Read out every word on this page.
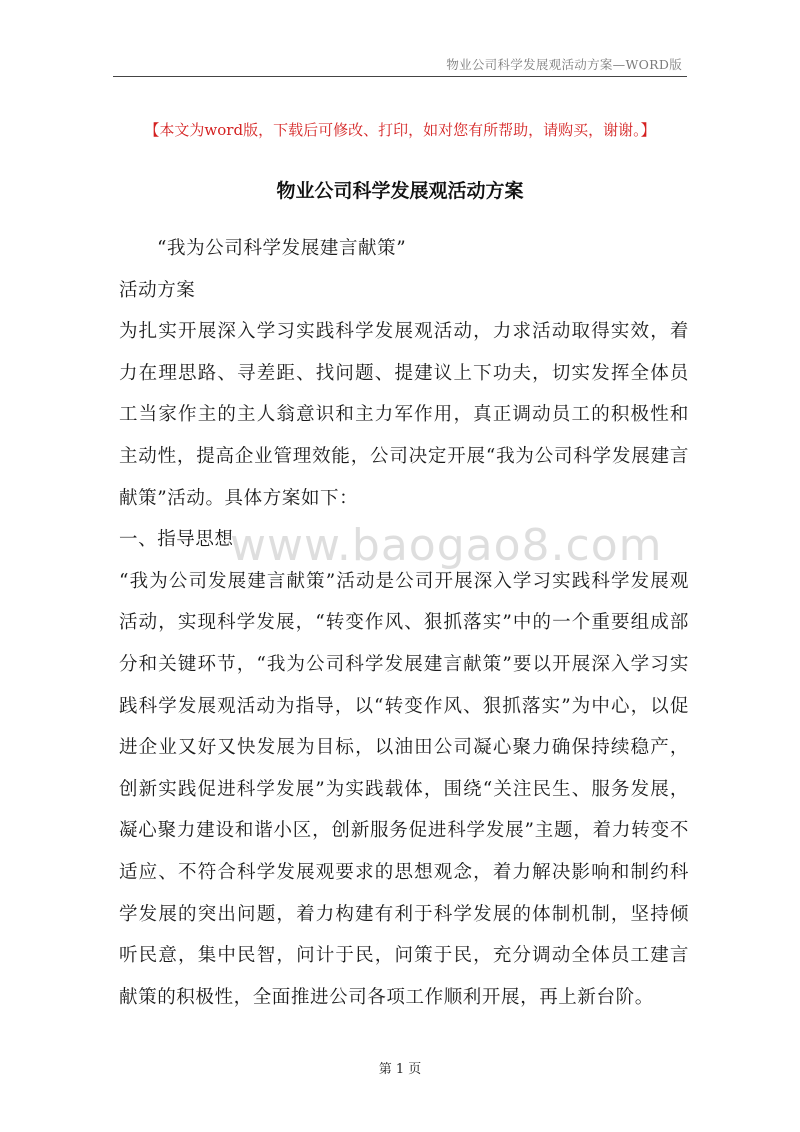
物业公司科学发展观活动方案—WORD版
【本文为word版，下载后可修改、打印，如对您有所帮助，请购买，谢谢。】
物业公司科学发展观活动方案

“我为公司科学发展建言献策”

活动方案

为扎实开展深入学习实践科学发展观活动，力求活动取得实效，着力在理思路、寻差距、找问题、提建议上下功夫，切实发挥全体员工当家作主的主人翁意识和主力军作用，真正调动员工的积极性和主动性，提高企业管理效能，公司决定开展“我为公司科学发展建言献策”活动。具体方案如下：

一、指导思想

“我为公司发展建言献策”活动是公司开展深入学习实践科学发展观活动，实现科学发展，“转变作风、狠抓落实”中的一个重要组成部分和关键环节，“我为公司科学发展建言献策”要以开展深入学习实践科学发展观活动为指导，以“转变作风、狠抓落实”为中心，以促进企业又好又快发展为目标，以油田公司凝心聚力确保持续稳产，创新实践促进科学发展”为实践载体，围绕“关注民生、服务发展，凝心聚力建设和谐小区，创新服务促进科学发展”主题，着力转变不适应、不符合科学发展观要求的思想观念，着力解决影响和制约科学发展的突出问题，着力构建有利于科学发展的体制机制，坚持倾听民意，集中民智，问计于民，问策于民，充分调动全体员工建言献策的积极性，全面推进公司各项工作顺利开展，再上新台阶。

www.baogao8.com
第 1 页
